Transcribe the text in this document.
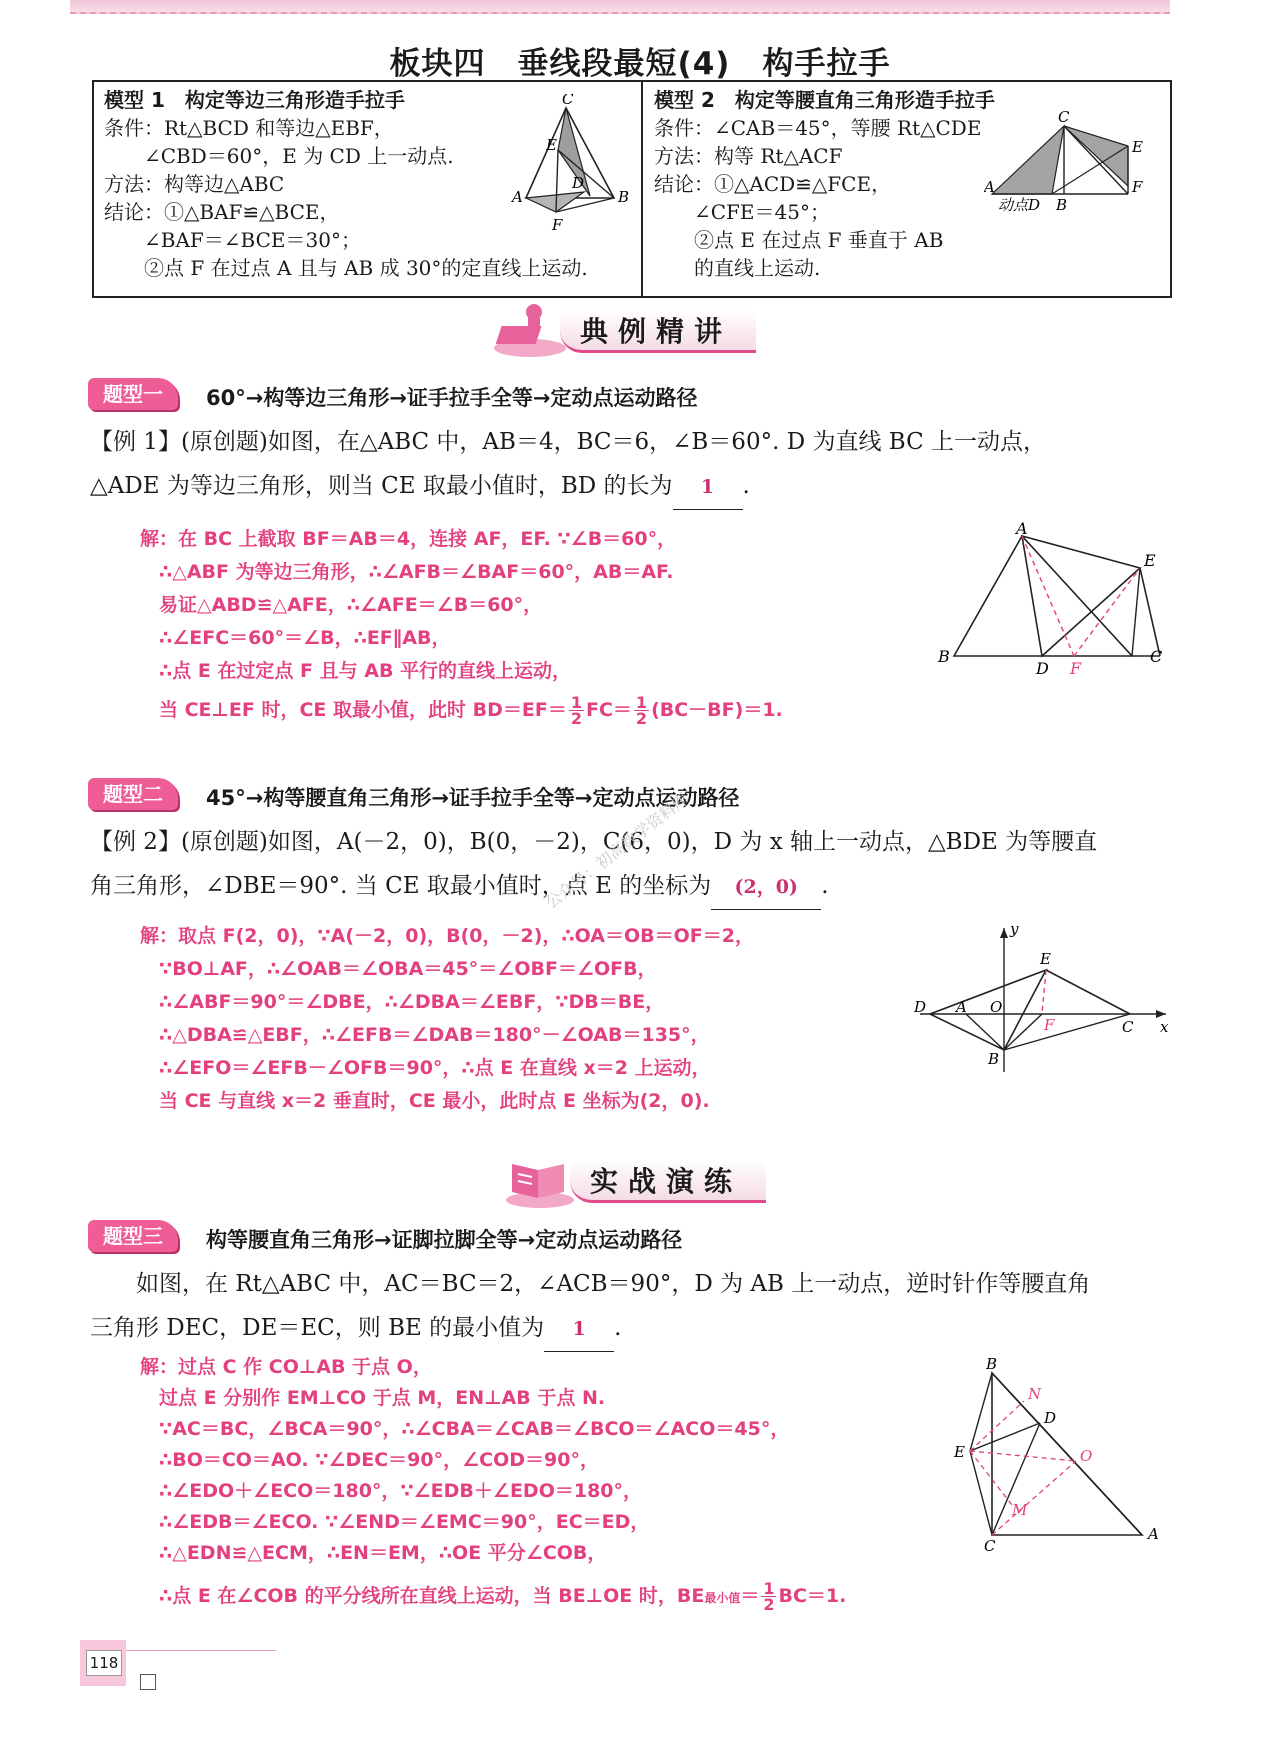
板块四　垂线段最短(4)　构手拉手
模型 1　构定等边三角形造手拉手
条件：Rt△BCD 和等边△EBF，
　　∠CBD＝60°，E 为 CD 上一动点.
方法：构等边△ABC
结论：①△BAF≌△BCE，
　　∠BAF＝∠BCE＝30°；
　　②点 F 在过点 A 且与 AB 成 30°的定直线上运动.
C
E
D
A	B
F
模型 2　构定等腰直角三角形造手拉手
条件：∠CAB＝45°，等腰 Rt△CDE
方法：构等 Rt△ACF
结论：①△ACD≌△FCE，
　　∠CFE＝45°；
　　②点 E 在过点 F 垂直于 AB
　　的直线上运动.
C
E
F
A
动点D B
典例精讲
题型一	60°→构等边三角形→证手拉手全等→定动点运动路径
【例 1】(原创题)如图，在△ABC 中，AB＝4，BC＝6，∠B＝60°. D 为直线 BC 上一动点，
△ADE 为等边三角形，则当 CE 取最小值时，BD 的长为 1 .
解：在 BC 上截取 BF＝AB＝4，连接 AF，EF. ∵∠B＝60°，
　∴△ABF 为等边三角形，∴∠AFB＝∠BAF＝60°，AB＝AF.
　易证△ABD≌△AFE，∴∠AFE＝∠B＝60°，
　∴∠EFC＝60°＝∠B，∴EF∥AB，
　∴点 E 在过定点 F 且与 AB 平行的直线上运动，
　当 CE⊥EF 时，CE 取最小值，此时 $BD=EF= \frac{1}{2} FC= \frac{1}{2} (BC-BF)=1$.
A
E
B
D F
C
题型二	45°→构等腰直角三角形→证手拉手全等→定动点运动路径
【例 2】(原创题)如图，A(－2，0)，B(0，－2)，C(6，0)，D 为 x 轴上一动点，△BDE 为等腰直
角三角形，∠DBE＝90°. 当 CE 取最小值时，点 E 的坐标为 (2，0) .
公众号：初高数学资料库
解：取点 F(2，0)，∵A(－2，0)，B(0，－2)，∴OA＝OB＝OF＝2，
　∵BO⊥AF，∴∠OAB＝∠OBA＝45°＝∠OBF＝∠OFB，
　∴∠ABF＝90°＝∠DBE，∴∠DBA＝∠EBF，∵DB＝BE，
　∴△DBA≌△EBF，∴∠EFB＝∠DAB＝180°－∠OAB＝135°，
　∴∠EFO＝∠EFB－∠OFB＝90°，∴点 E 在直线 x＝2 上运动，
　当 CE 与直线 x＝2 垂直时，CE 最小，此时点 E 坐标为(2，0).
y
E
D A O
F	C x
B
实战演练
题型三	构等腰直角三角形→证脚拉脚全等→定动点运动路径
如图，在 Rt△ABC 中，AC＝BC＝2，∠ACB＝90°，D 为 AB 上一动点，逆时针作等腰直角
三角形 DEC，DE＝EC，则 BE 的最小值为 1 .
解：过点 C 作 CO⊥AB 于点 O，
　过点 E 分别作 EM⊥CO 于点 M，EN⊥AB 于点 N.
　∵AC＝BC，∠BCA＝90°，∴∠CBA＝∠CAB＝∠BCO＝∠ACO＝45°，
　∴BO＝CO＝AO. ∵∠DEC＝90°，∠COD＝90°，
　∴∠EDO＋∠ECO＝180°，∵∠EDB＋∠EDO＝180°，
　∴∠EDB＝∠ECO. ∵∠END＝∠EMC＝90°，EC＝ED，
　∴△EDN≌△ECM，∴EN＝EM，∴OE 平分∠COB，
　∴点 E 在∠COB 的平分线所在直线上运动，当 BE⊥OE 时，BE最小值＝ $\frac{1}{2} BC=1$.
B
N
D
E	O
M
C
A
118
